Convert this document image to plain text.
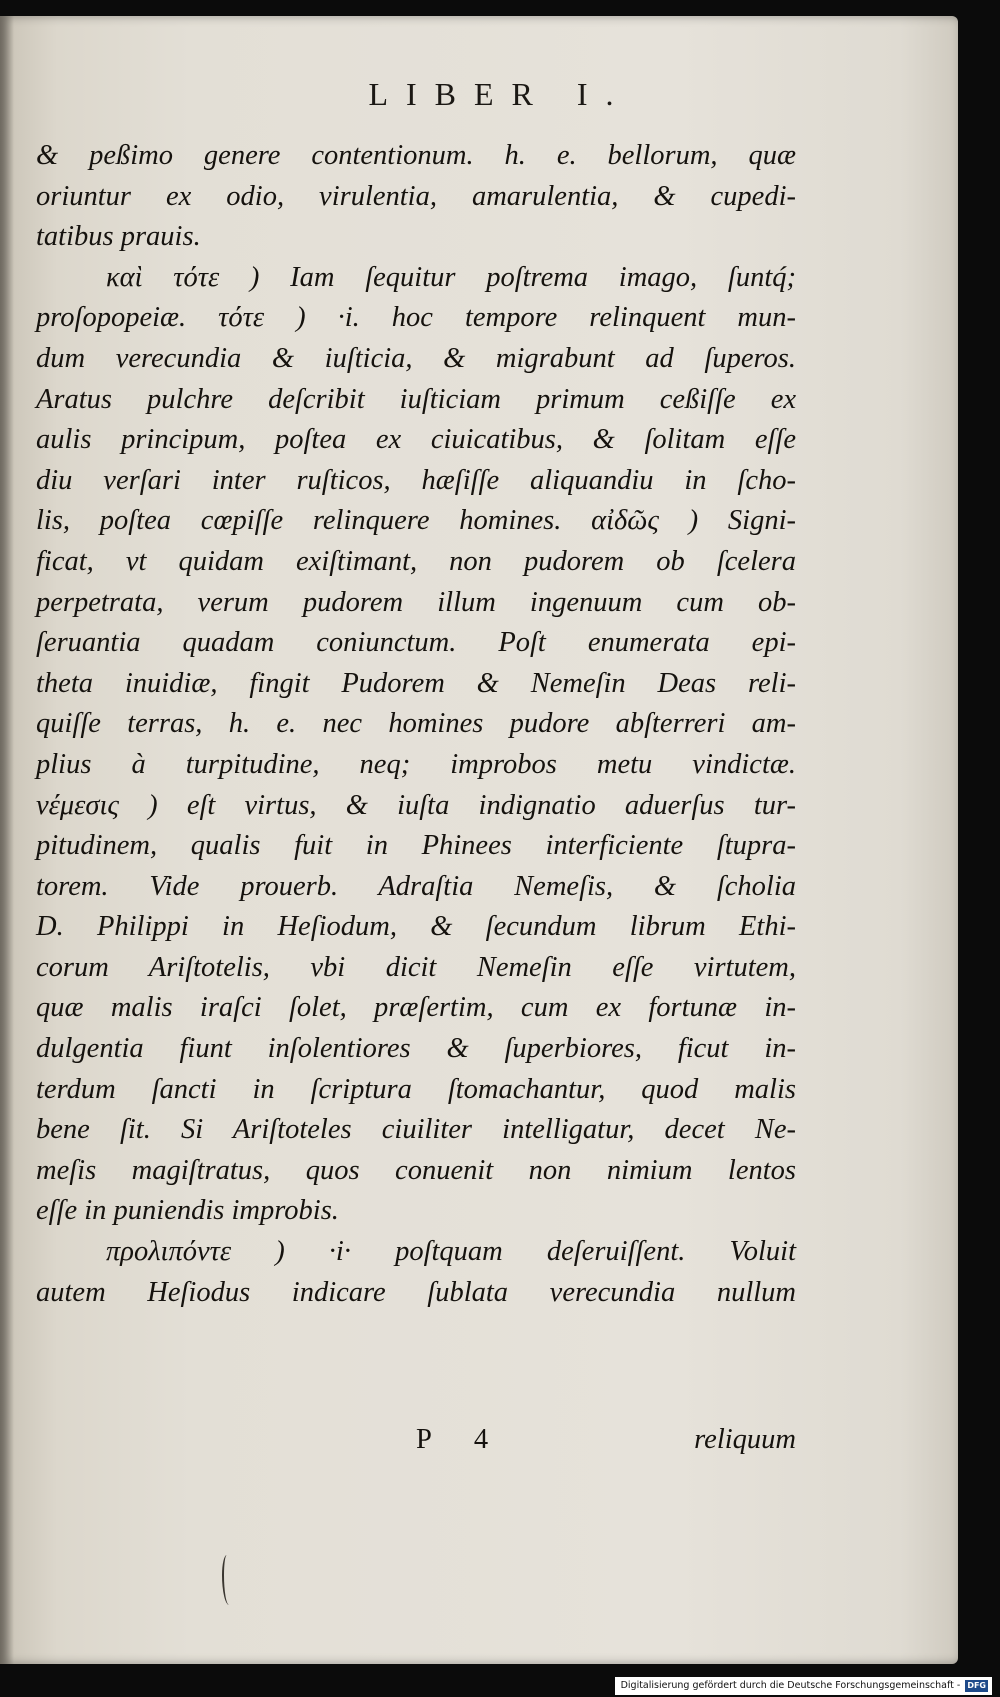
LIBER I.
& peßimo genere contentionum. h. e. bellorum, quæ
oriuntur ex odio, virulentia, amarulentia, & cupedi-
tatibus prauis.
καὶ τότε ) Iam ſequitur poſtrema imago, ſuntq́;
proſopopeiæ. τότε ) ·i. hoc tempore relinquent mun-
dum verecundia & iuſticia, & migrabunt ad ſuperos.
Aratus pulchre deſcribit iuſticiam primum ceßiſſe ex
aulis principum, poſtea ex ciuicatibus, & ſolitam eſſe
diu verſari inter ruſticos, hæſiſſe aliquandiu in ſcho-
lis, poſtea cœpiſſe relinquere homines. αἰδῶς ) Signi-
ficat, vt quidam exiſtimant, non pudorem ob ſcelera
perpetrata, verum pudorem illum ingenuum cum ob-
ſeruantia quadam coniunctum. Poſt enumerata epi-
theta inuidiæ, fingit Pudorem & Nemeſin Deas reli-
quiſſe terras, h. e. nec homines pudore abſterreri am-
plius à turpitudine, neq; improbos metu vindictæ.
νέμεσις ) eſt virtus, & iuſta indignatio aduerſus tur-
pitudinem, qualis fuit in Phinees interficiente ſtupra-
torem. Vide prouerb. Adraſtia Nemeſis, & ſcholia
D. Philippi in Heſiodum, & ſecundum librum Ethi-
corum Ariſtotelis, vbi dicit Nemeſin eſſe virtutem,
quæ malis iraſci ſolet, præſertim, cum ex fortunæ in-
dulgentia fiunt inſolentiores & ſuperbiores, ficut in-
terdum ſancti in ſcriptura ſtomachantur, quod malis
bene ſit. Si Ariſtoteles ciuiliter intelligatur, decet Ne-
meſis magiſtratus, quos conuenit non nimium lentos
eſſe in puniendis improbis.
προλιπόντε ) ·i· poſtquam deſeruiſſent. Voluit
autem Heſiodus indicare ſublata verecundia nullum
P 4	reliquum
Digitalisierung gefördert durch die Deutsche Forschungsgemeinschaft - DFG
